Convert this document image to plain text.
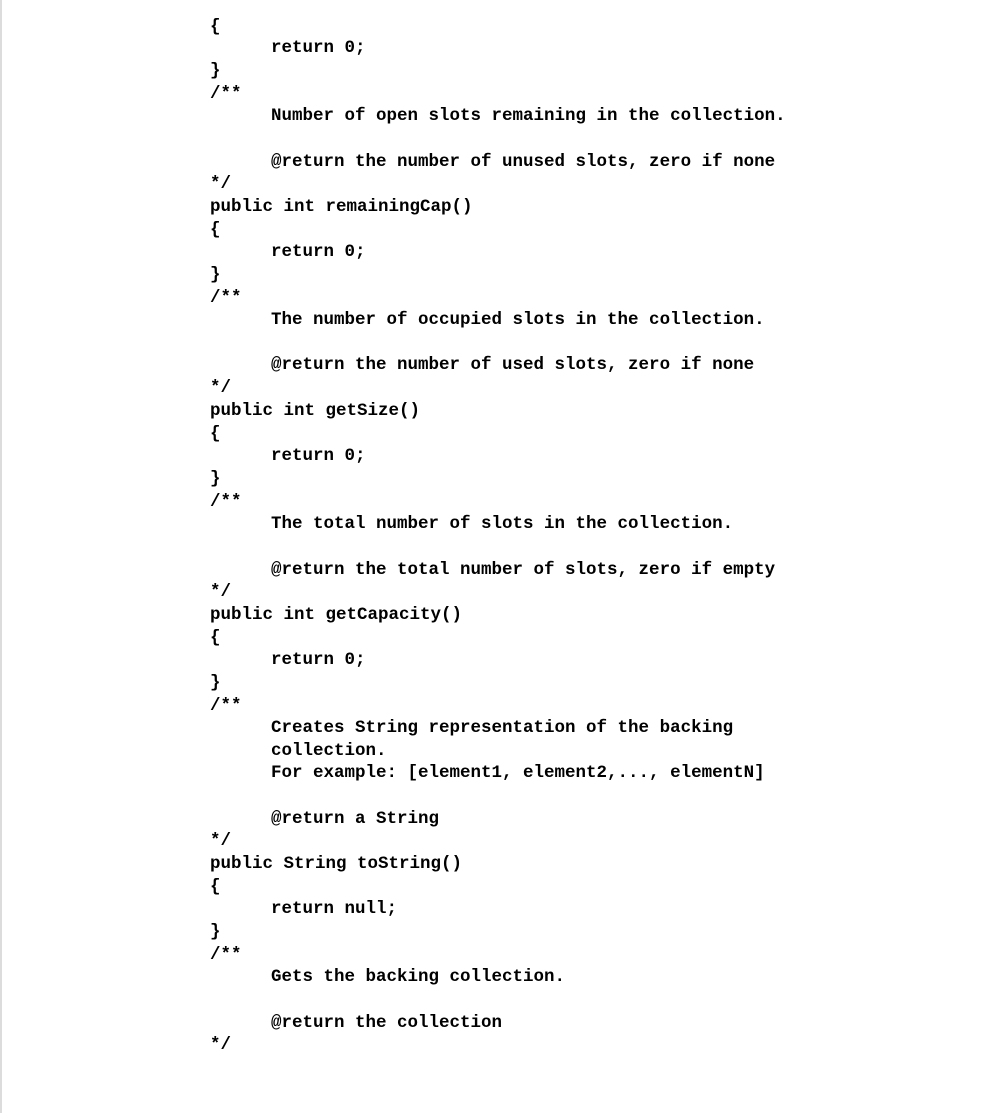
{
return 0;
}
/**
Number of open slots remaining in the collection.
@return the number of unused slots, zero if none
*/
public int remainingCap()
{
return 0;
}
/**
The number of occupied slots in the collection.
@return the number of used slots, zero if none
*/
public int getSize()
{
return 0;
}
/**
The total number of slots in the collection.
@return the total number of slots, zero if empty
*/
public int getCapacity()
{
return 0;
}
/**
Creates String representation of the backing
collection.
For example: [element1, element2,..., elementN]
@return a String
*/
public String toString()
{
return null;
}
/**
Gets the backing collection.
@return the collection
*/
